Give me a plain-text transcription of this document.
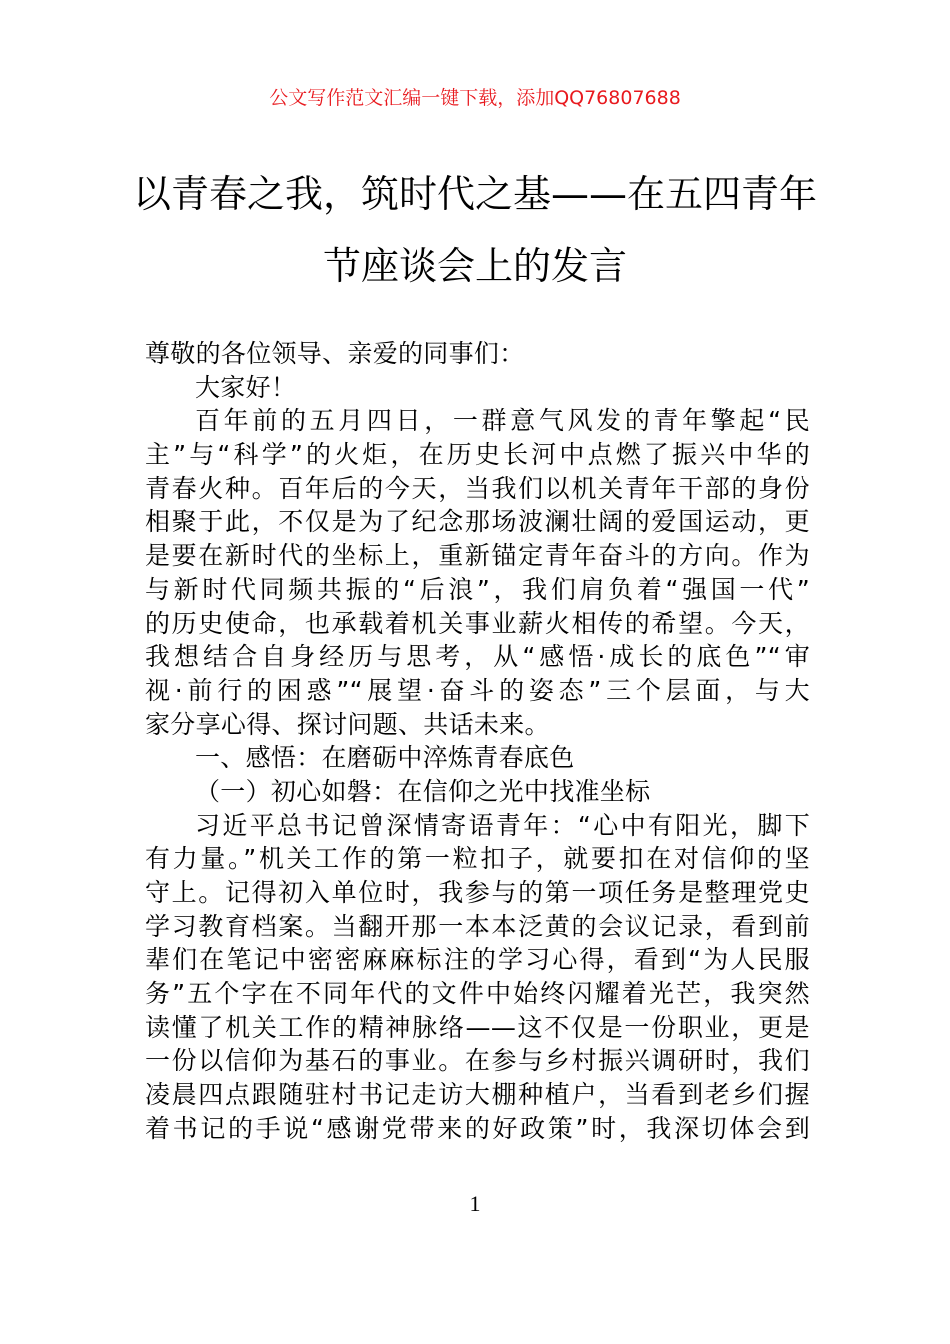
公文写作范文汇编一键下载，添加QQ76807688
以青春之我，筑时代之基——在五四青年
节座谈会上的发言
尊敬的各位领导、亲爱的同事们：
大家好！
百年前的五月四日，一群意气风发的青年擎起“民
主”与“科学”的火炬，在历史长河中点燃了振兴中华的
青春火种。百年后的今天，当我们以机关青年干部的身份
相聚于此，不仅是为了纪念那场波澜壮阔的爱国运动，更
是要在新时代的坐标上，重新锚定青年奋斗的方向。作为
与新时代同频共振的“后浪”，我们肩负着“强国一代”
的历史使命，也承载着机关事业薪火相传的希望。今天，
我想结合自身经历与思考，从“感悟·成长的底色”“审
视·前行的困惑”“展望·奋斗的姿态”三个层面，与大
家分享心得、探讨问题、共话未来。
一、感悟：在磨砺中淬炼青春底色
（一）初心如磐：在信仰之光中找准坐标
习近平总书记曾深情寄语青年：“心中有阳光，脚下
有力量。”机关工作的第一粒扣子，就要扣在对信仰的坚
守上。记得初入单位时，我参与的第一项任务是整理党史
学习教育档案。当翻开那一本本泛黄的会议记录，看到前
辈们在笔记中密密麻麻标注的学习心得，看到“为人民服
务”五个字在不同年代的文件中始终闪耀着光芒，我突然
读懂了机关工作的精神脉络——这不仅是一份职业，更是
一份以信仰为基石的事业。在参与乡村振兴调研时，我们
凌晨四点跟随驻村书记走访大棚种植户，当看到老乡们握
着书记的手说“感谢党带来的好政策”时，我深切体会到
1
